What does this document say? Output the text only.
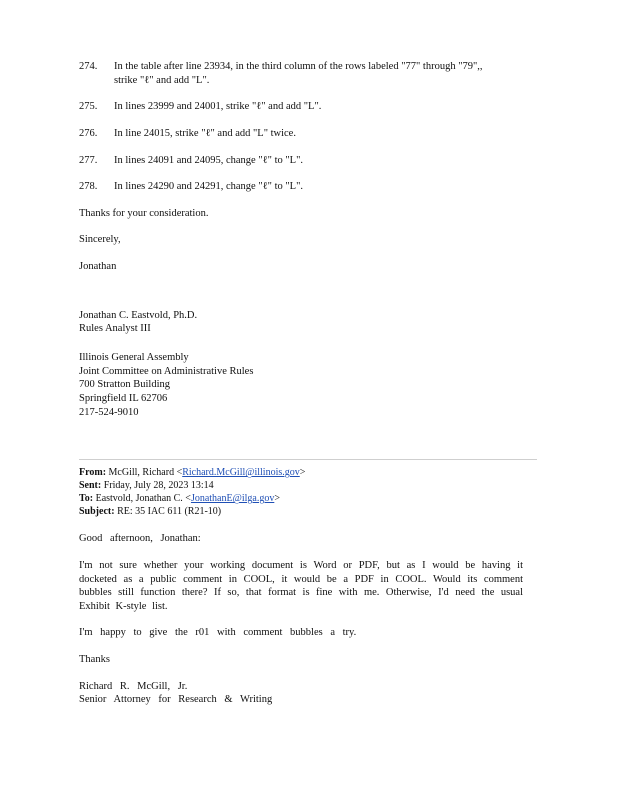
274.	In the table after line 23934, in the third column of the rows labeled "77" through "79",,
strike "ℓ" and add "L".
275.	In lines 23999 and 24001, strike "ℓ" and add "L".
276.	In line 24015, strike "ℓ" and add "L" twice.
277.	In lines 24091 and 24095, change "ℓ" to "L".
278.	In lines 24290 and 24291, change "ℓ" to "L".

Thanks for your consideration.

Sincerely,

Jonathan

Jonathan C. Eastvold, Ph.D.
Rules Analyst III
Illinois General Assembly
Joint Committee on Administrative Rules
700 Stratton Building
Springfield IL 62706
217-524-9010
From: McGill, Richard <Richard.McGill@illinois.gov>
Sent: Friday, July 28, 2023 13:14
To: Eastvold, Jonathan C. <JonathanE@ilga.gov>
Subject: RE: 35 IAC 611 (R21-10)

Good afternoon, Jonathan:

I'm not sure whether your working document is Word or PDF, but as I would be having it docketed as a public comment in COOL, it would be a PDF in COOL. Would its comment bubbles still function there? If so, that format is fine with me. Otherwise, I'd need the usual Exhibit K-style list.

I'm happy to give the r01 with comment bubbles a try.

Thanks

Richard R. McGill, Jr.
Senior Attorney for Research & Writing
